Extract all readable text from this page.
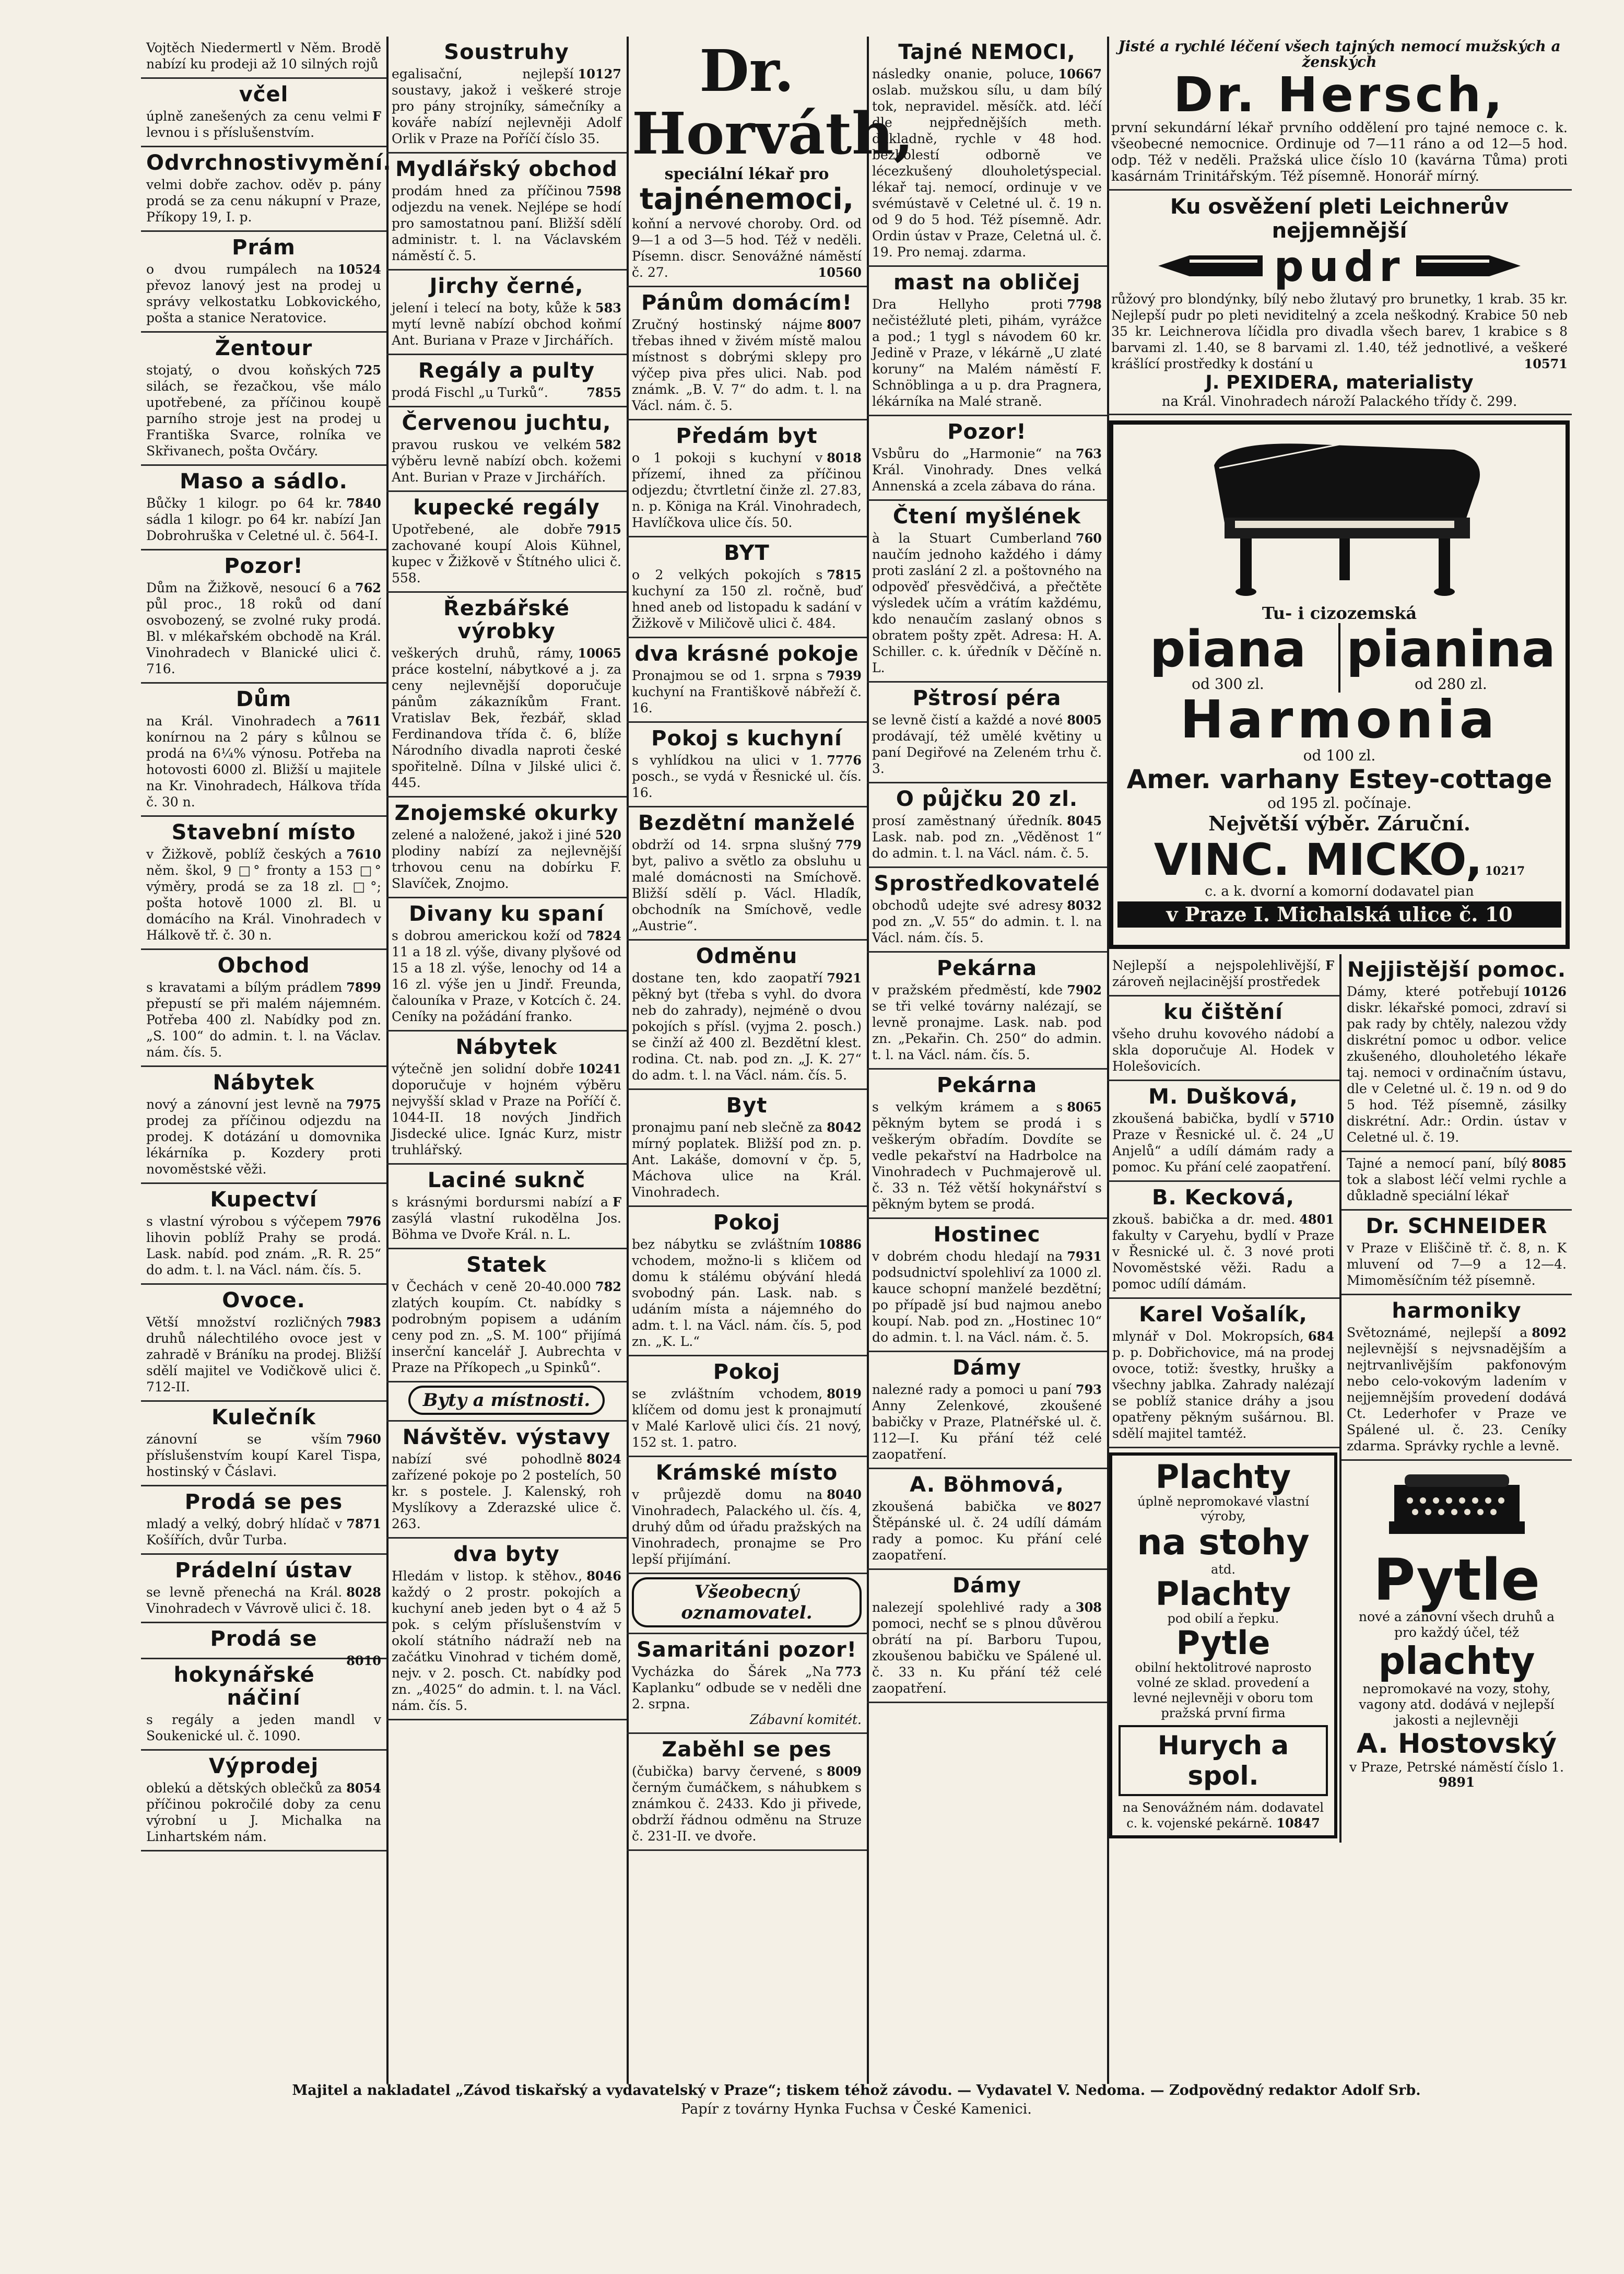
Vojtěch Niedermertl v Něm. Brodě nabízí ku prodeji až 10 silných rojů

včel

F
úplně zanešených za cenu velmi levnou i s příslušenstvím.

Odvrchnostivymění.

velmi dobře zachov. oděv p. pány prodá se za cenu nákupní v Praze, Příkopy 19, I. p.

Prám

10524
o dvou rumpálech na převoz lanový jest na prodej u správy velkostatku Lobkovického, pošta a stanice Neratovice.

Žentour

725
stojatý, o dvou koňských silách, se řezačkou, vše málo upotřebené, za příčinou koupě parního stroje jest na prodej u Františka Svarce, rolníka ve Skřivanech, pošta Ovčáry.

Maso a sádlo.

7840
Bůčky 1 kilogr. po 64 kr. sádla 1 kilogr. po 64 kr. nabízí Jan Dobrohruška v Celetné ul. č. 564-I.

Pozor!

762
Dům na Žižkově, nesoucí 6 a půl proc., 18 roků od daní osvobozený, se zvolné ruky prodá. Bl. v mlékařském obchodě na Král. Vinohradech v Blanické ulici č. 716.

Dům

7611
na Král. Vinohradech a konírnou na 2 páry s kůlnou se prodá na 6¼% výnosu. Potřeba na hotovosti 6000 zl. Bližší u majitele na Kr. Vinohradech, Hálkova třída č. 30 n.

Stavební místo

7610
v Žižkově, poblíž českých a něm. škol, 9 □° fronty a 153 □° výměry, prodá se za 18 zl. □°; pošta hotově 1000 zl. Bl. u domácího na Král. Vinohradech v Hálkově tř. č. 30 n.

Obchod

7899
s kravatami a bílým prádlem přepustí se při malém nájemném. Potřeba 400 zl. Nabídky pod zn. „S. 100“ do admin. t. l. na Václav. nám. čís. 5.

Nábytek

7975
nový a zánovní jest levně na prodej za příčinou odjezdu na prodej. K dotázání u domovnika lékárníka p. Kozdery proti novoměstské věži.

Kupectví

7976
s vlastní výrobou s výčepem lihovin poblíž Prahy se prodá. Lask. nabíd. pod znám. „R. R. 25“ do adm. t. l. na Václ. nám. čís. 5.

Ovoce.

7983
Větší množství rozličných druhů nálechtilého ovoce jest v zahradě v Bráníku na prodej. Bližší sdělí majitel ve Vodičkově ulici č. 712-II.

Kulečník

7960
zánovní se vším příslušenstvím koupí Karel Tispa, hostinský v Čáslavi.

Prodá se pes

7871
mladý a velký, dobrý hlídač v Košířích, dvůr Turba.

Prádelní ústav

8028
se levně přenechá na Král. Vinohradech v Vávrově ulici č. 18.

Prodá se

8010

hokynářské náčiní

s regály a jeden mandl v Soukenické ul. č. 1090.

Výprodej

8054
oblekú a dětských oblečků za příčinou pokročilé doby za cenu výrobní u J. Michalka na Linhartském nám.

Soustruhy

10127
egalisační, nejlepší soustavy, jakož i veškeré stroje pro pány strojníky, sámečníky a kováře nabízí nejlevněji Adolf Orlik v Praze na Poříčí číslo 35.

Mydlářský obchod

7598
prodám hned za příčinou odjezdu na venek. Nejlépe se hodí pro samostatnou paní. Bližší sdělí administr. t. l. na Václavském náměstí č. 5.

Jirchy černé,

583
jelení i telecí na boty, kůže k mytí levně nabízí obchod koňmí Ant. Buriana v Praze v Jirchářích.

Regály a pulty

7855
prodá Fischl „u Turků“.

Červenou juchtu,

582
pravou ruskou ve velkém výběru levně nabízí obch. kožemi Ant. Burian v Praze v Jirchářích.

kupecké regály

7915
Upotřebené, ale dobře zachované koupí Alois Kühnel, kupec v Žižkově v Štítného ulici č. 558.

Řezbářské výrobky

10065
veškerých druhů, rámy, práce kostelní, nábytkové a j. za ceny nejlevnější doporučuje pánům zákazníkům Frant. Vratislav Bek, řezbář, sklad Ferdinandova třída č. 6, blíže Národního divadla naproti české spořitelně. Dílna v Jilské ulici č. 445.

Znojemské okurky

520
zelené a naložené, jakož i jiné plodiny nabízí za nejlevnější trhovou cenu na dobírku F. Slavíček, Znojmo.

Divany ku spaní

7824
s dobrou americkou koží od 11 a 18 zl. výše, divany plyšové od 15 a 18 zl. výše, lenochy od 14 a 16 zl. výše jen u Jindř. Freunda, čalouníka v Praze, v Kotcích č. 24. Ceníky na požádání franko.

Nábytek

10241
výtečně jen solidní dobře doporučuje v hojném výběru nejvyšší sklad v Praze na Poříčí č. 1044-II. 18 nových Jindřich Jisdecké ulice. Ignác Kurz, mistr truhlářský.

Laciné suknč

F
s krásnými bordursmi nabízí a zasýlá vlastní rukodělna Jos. Böhma ve Dvoře Král. n. L.

Statek

782
v Čechách v ceně 20-40.000 zlatých koupím. Ct. nabídky s podrobným popisem a udáním ceny pod zn. „S. M. 100“ přijímá inserční kancelář J. Aubrechta v Praze na Příkopech „u Spinků“.

Byty a místnosti.
Návštěv. výstavy

8024
nabízí své pohodlně zařízené pokoje po 2 postelích, 50 kr. s postele. J. Kalenský, roh Myslíkovy a Zderazské ulice č. 263.

dva byty

8046
Hledám v listop. k stěhov., každý o 2 prostr. pokojích a kuchyní aneb jeden byt o 4 až 5 pok. s celým příslušenstvím v okolí státního nádraží neb na začátku Vinohrad v tichém domě, nejv. v 2. posch. Ct. nabídky pod zn. „4025“ do admin. t. l. na Václ. nám. čís. 5.

Dr. Horváth,
speciální lékař pro
tajnénemoci,

koňní a nervové choroby. Ord. od 9—1 a od 3—5 hod. Též v neděli. Písemn. discr. Senovážné náměstí č. 27.	10560

Pánům domácím!

8007
Zručný hostinský nájme třebas ihned v živém místě malou místnost s dobrými sklepy pro výčep piva přes ulici. Nab. pod známk. „B. V. 7“ do adm. t. l. na Václ. nám. č. 5.

Předám byt

8018
o 1 pokoji s kuchyní v přízemí, ihned za příčinou odjezdu; čtvrtletní činže zl. 27.83, n. p. Königa na Král. Vinohradech, Havlíčkova ulice čís. 50.

BYT

7815
o 2 velkých pokojích s kuchyní za 150 zl. ročně, buď hned aneb od listopadu k sadání v Žižkově v Miličově ulici č. 484.

dva krásné pokoje

7939
Pronajmou se od 1. srpna s kuchyní na Františkově nábřeží č. 16.

Pokoj s kuchyní

7776
s vyhlídkou na ulici v 1. posch., se vydá v Řesnické ul. čís. 16.

Bezdětní manželé

779
obdrží od 14. srpna slušný byt, palivo a světlo za obsluhu u malé domácnosti na Smíchově. Bližší sdělí p. Václ. Hladík, obchodník na Smíchově, vedle „Austrie“.

Odměnu

7921
dostane ten, kdo zaopatří pěkný byt (třeba s vyhl. do dvora neb do zahrady), nejméně o dvou pokojích s přísl. (vyjma 2. posch.) se činží až 400 zl. Bezdětní klest. rodina. Ct. nab. pod zn. „J. K. 27“ do adm. t. l. na Václ. nám. čís. 5.

Byt

8042
pronajmu paní neb slečně za mírný poplatek. Bližší pod zn. p. Ant. Lakáše, domovní v čp. 5, Máchova ulice na Král. Vinohradech.

Pokoj

10886
bez nábytku se zvláštním vchodem, možno-li s kličem od domu k stálému obývání hledá svobodný pán. Lask. nab. s udáním místa a nájemného do adm. t. l. na Václ. nám. čís. 5, pod zn. „K. L.“

Pokoj

8019
se zvláštním vchodem, klíčem od domu jest k pronajmutí v Malé Karlově ulici čís. 21 nový, 152 st. 1. patro.

Krámské místo

8040
v průjezdě domu na Vinohradech, Palackého ul. čís. 4, druhý dům od úřadu pražských na Vinohradech, pronajme se Pro lepší přijímání.

Všeobecný oznamovatel.
Samaritáni pozor!

773
Vycházka do Šárek „Na Kaplanku“ odbude se v neděli dne 2. srpna.

Zábavní komitét.
Zaběhl se pes

8009
(čubička) barvy červené, s černým čumáčkem, s náhubkem s známkou č. 2433. Kdo ji přivede, obdrží řádnou odměnu na Struze č. 231-II. ve dvoře.

Tajné NEMOCI,

10667
následky onanie, poluce, oslab. mužskou sílu, u dam bílý tok, nepravidel. měsíčk. atd. léčí dle nejpřednějších meth. důkladně, rychle v 48 hod. bezbolestí odborně ve lécezkušený dlouholetýspecial. lékař taj. nemocí, ordinuje v ve svémústavě v Celetné ul. č. 19 n. od 9 do 5 hod. Též písemně. Adr. Ordin ústav v Praze, Celetná ul. č. 19. Pro nemaj. zdarma.

mast na obličej

7798
Dra Hellyho proti nečistéžluté pleti, pihám, vyrážce a pod.; 1 tygl s návodem 60 kr. Jedině v Praze, v lékárně „U zlaté koruny“ na Malém náměstí F. Schnöblinga a u p. dra Pragnera, lékárníka na Malé straně.

Pozor!

763
Vsbůru do „Harmonie“ na Král. Vinohrady. Dnes velká Annenská a zcela zábava do rána.

Čtení myšlének

760
à la Stuart Cumberland naučím jednoho každého i dámy proti zaslání 2 zl. a poštovného na odpověď přesvědčivá, a přečtěte výsledek učím a vrátím každému, kdo nenaučím zaslaný obnos s obratem pošty zpět. Adresa: H. A. Schiller. c. k. úředník v Děčíně n. L.

Pštrosí péra

8005
se levně čistí a každé a nové prodávají, též umělé květiny u paní Degiřové na Zeleném trhu č. 3.

O půjčku 20 zl.

8045
prosí zaměstnaný úředník. Lask. nab. pod zn. „Věděnost 1“ do admin. t. l. na Václ. nám. č. 5.

Sprostředkovatelé

8032
obchodů udejte své adresy pod zn. „V. 55“ do admin. t. l. na Václ. nám. čís. 5.

Pekárna

7902
v pražském předměstí, kde se tři velké továrny nalézají, se levně pronajme. Lask. nab. pod zn. „Pekařin. Ch. 250“ do admin. t. l. na Václ. nám. čís. 5.

Pekárna

8065
s velkým krámem a s pěkným bytem se prodá i s veškerým obřadím. Dovdíte se vedle pekařství na Hadrbolce na Vinohradech v Puchmajerově ul. č. 33 n. Též větší hokynářství s pěkným bytem se prodá.

Hostinec

7931
v dobrém chodu hledají na podsudnictví spolehliví za 1000 zl. kauce schopní manželé bezdětní; po případě jsí bud najmou anebo koupí. Nab. pod zn. „Hostinec 10“ do admin. t. l. na Václ. nám. č. 5.

Dámy

793
nalezné rady a pomoci u paní Anny Zelenkové, zkoušené babičky v Praze, Platnéřské ul. č. 112—I. Ku přání též celé zaopatření.

A. Böhmová,

8027
zkoušená babička ve Štěpánské ul. č. 24 udílí dámám rady a pomoc. Ku přání celé zaopatření.

Dámy

308
nalezejí spolehlivé rady a pomoci, nechť se s plnou důvěrou obrátí na pí. Barboru Tupou, zkoušenou babičku ve Spálené ul. č. 33 n. Ku přání též celé zaopatření.

Jisté a rychlé léčení všech tajných nemocí mužských a ženských
Dr. Hersch,

první sekundární lékař prvního oddělení pro tajné nemoce c. k. všeobecné nemocnice. Ordinuje od 7—11 ráno a od 12—5 hod. odp. Též v neděli. Pražská ulice číslo 10 (kavárna Tůma) proti kasárnám Trinitářským. Též písemně. Honorář mírný.

Ku osvěžení pleti Leichnerův nejjemnější
pudr

růžový pro blondýnky, bílý nebo žlutavý pro brunetky, 1 krab. 35 kr. Nejlepší pudr po pleti neviditelný a zcela neškodný. Krabice 50 neb 35 kr. Leichnerova líčidla pro divadla všech barev, 1 krabice s 8 barvami zl. 1.40, se 8 barvami zl. 1.40, též jednotlivé, a veškeré krášlící prostředky k dostání u	10571

J. PEXIDERA, materialisty
na Král. Vinohradech nároží Palackého třídy č. 299.
Tu- i cizozemská
piana
od 300 zl.
pianina
od 280 zl.
Harmonia
od 100 zl.
Amer. varhany Estey-cottage
od 195 zl. počínaje.
Největší výběr. Záruční.
VINC. MICKO, 10217
c. a k. dvorní a komorní dodavatel pian
v Praze I. Michalská ulice č. 10

F
Nejlepší a nejspolehlivější, zároveň nejlacinější prostředek

ku čištění

všeho druhu kovového nádobí a skla doporučuje Al. Hodek v Holešovicích.

M. Dušková,

5710
zkoušená babička, bydlí v Praze v Řesnické ul. č. 24 „U Anjelů“ a udílí dámám rady a pomoc. Ku přání celé zaopatření.

B. Kecková,

4801
zkouš. babička a dr. med. fakulty v Caryehu, bydlí v Praze v Řesnické ul. č. 3 nové proti Novoměstské věži. Radu a pomoc udílí dámám.

Karel Vošalík,

684
mlynář v Dol. Mokropsích, p. p. Dobřichovice, má na prodej ovoce, totiž: švestky, hrušky a všechny jablka. Zahrady nalézají se poblíž stanice dráhy a jsou opatřeny pěkným sušárnou. Bl. sdělí majitel tamtéž.

Plachty
úplně nepromokavé vlastní výroby,
na stohy
atd.
Plachty
pod obilí a řepku.
Pytle
obilní hektolitrové naprosto volné ze sklad. provedení a levné nejlevněji v oboru tom pražská první firma
Hurych a spol.
na Senovážném nám. dodavatel c. k. vojenské pekárně. 10847
Nejjistější pomoc.

10126
Dámy, které potřebují diskr. lékařské pomoci, zdraví si pak rady by chtěly, nalezou vždy diskrétní pomoc u odbor. velice zkušeného, dlouholetého lékaře taj. nemoci v ordinačním ústavu, dle v Celetné ul. č. 19 n. od 9 do 5 hod. Též písemně, zásilky diskrétní. Adr.: Ordin. ústav v Celetné ul. č. 19.

8085
Tajné a nemocí paní, bílý tok a slabost léčí velmi rychle a důkladně speciální lékař

Dr. SCHNEIDER

v Praze v Eliščině tř. č. 8, n. K mluvení od 7—9 a 12—4. Mimoměsíčním též písemně.

harmoniky

8092
Světoznámé, nejlepší a nejlevnější s nejvsnadějším a nejtrvanlivějším pakfonovým nebo celo-vokovým ladením v nejjemnějším provedení dodává Ct. Lederhofer v Praze ve Spálené ul. č. 23. Ceníky zdarma. Správky rychle a levně.

Pytle
nové a zánovní všech druhů a pro každý účel, též
plachty
nepromokavé na vozy, stohy, vagony atd. dodává v nejlepší jakosti a nejlevněji
A. Hostovský
v Praze, Petrské náměstí číslo 1. 9891
Majitel a nakladatel „Závod tiskařský a vydavatelský v Praze“; tiskem téhož závodu. — Vydavatel V. Nedoma. — Zodpovědný redaktor Adolf Srb.
Papír z továrny Hynka Fuchsa v České Kamenici.
